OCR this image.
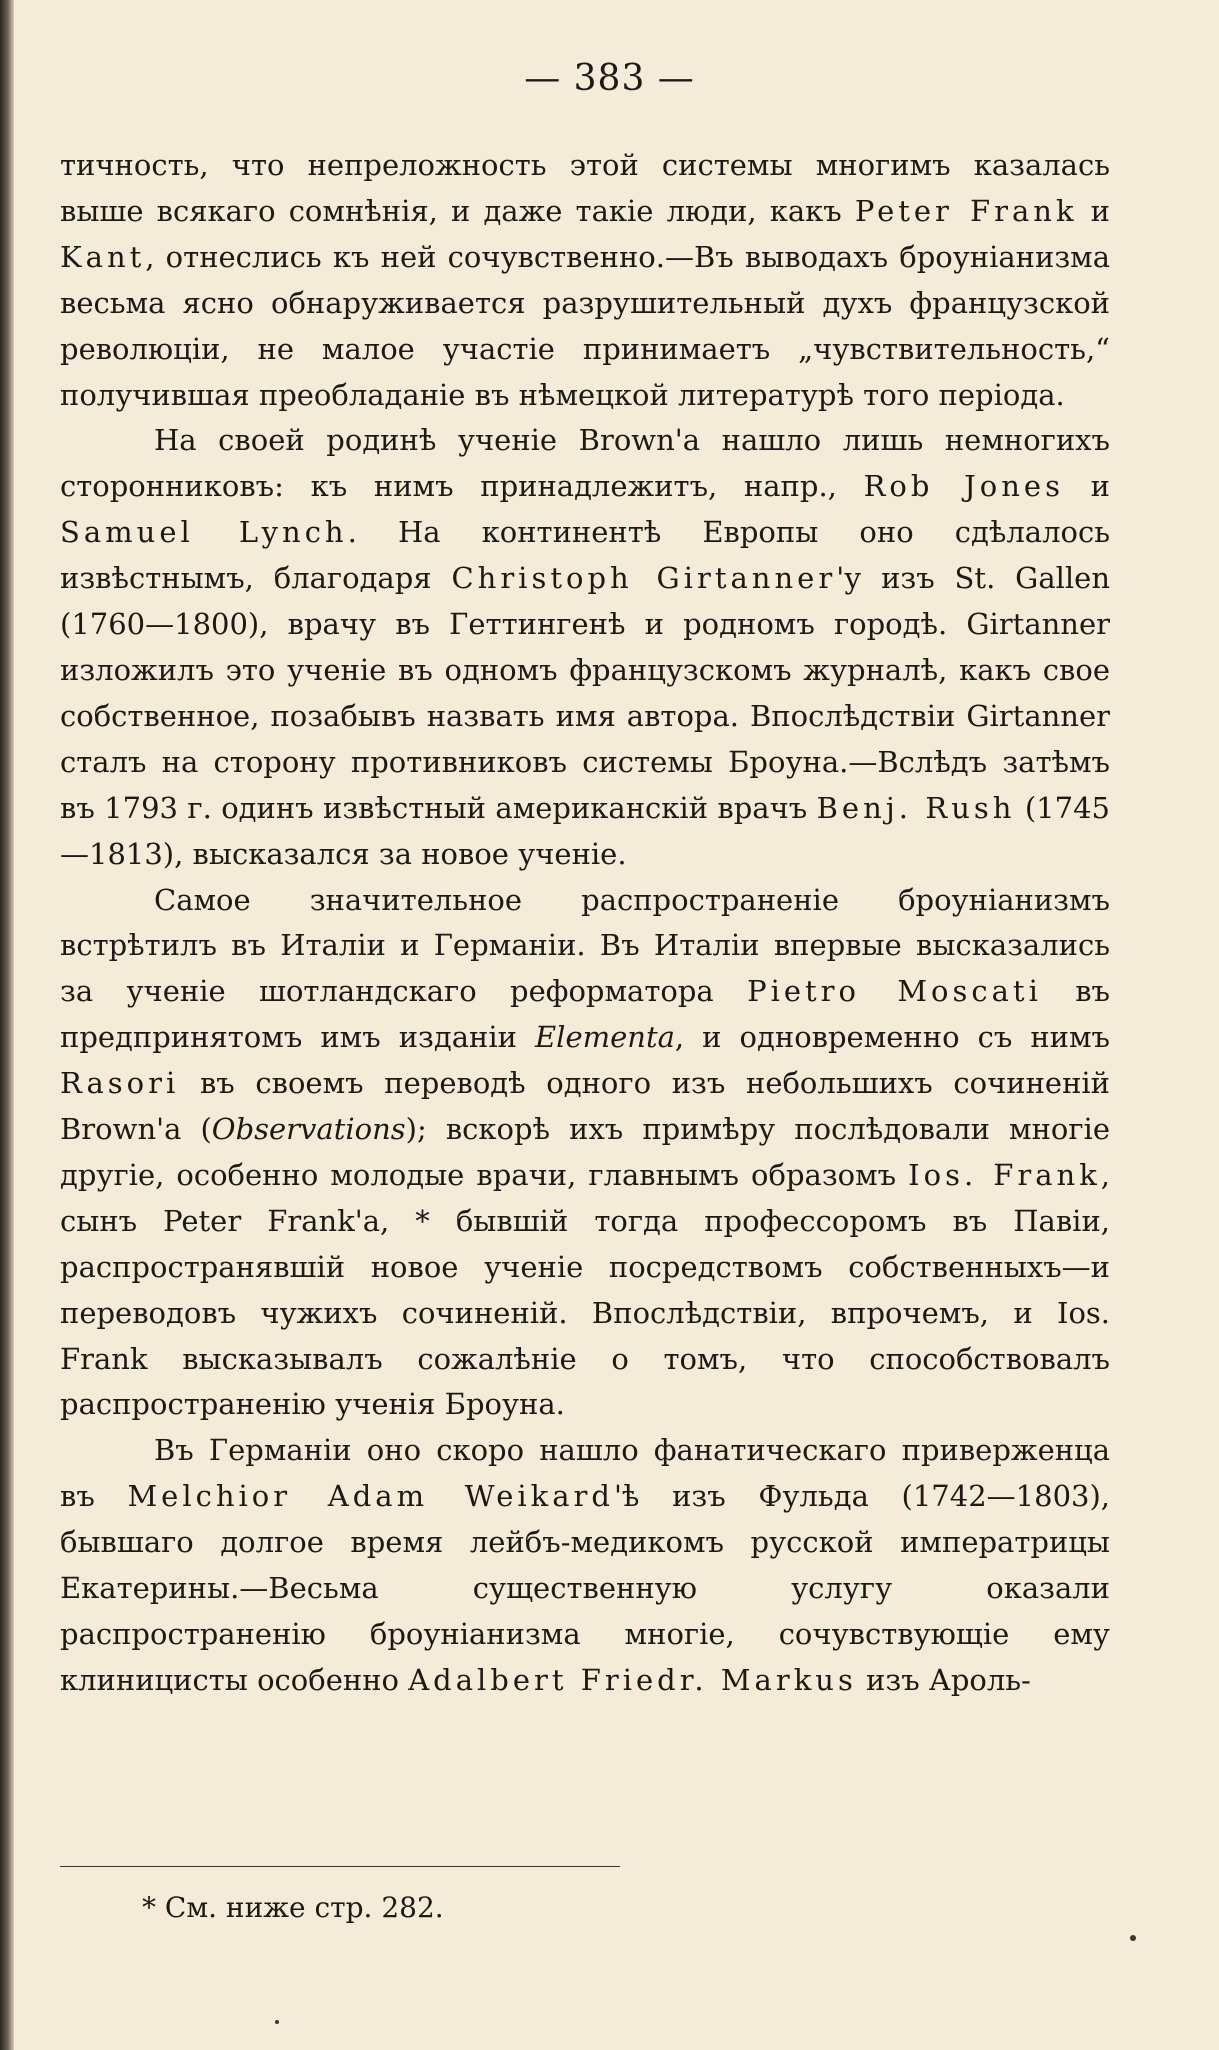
— 383 —

тичность, что непреложность этой системы многимъ казалась выше всякаго сомнѣнія, и даже такіе люди, какъ Peter Frank и Kant, отнеслись къ ней сочувственно.—Въ выводахъ броуніанизма весьма ясно обнаруживается разрушительный духъ французской революціи, не малое участіе принимаетъ „чувствительность,“ получившая преобладаніе въ нѣмецкой литературѣ того періода.

На своей родинѣ ученіе Brown'а нашло лишь немногихъ сторонниковъ: къ нимъ принадлежитъ, напр., Rob Jones и Samuel Lynch. На континентѣ Европы оно сдѣлалось извѣстнымъ, благодаря Christoph Girtanner'у изъ St. Gallen (1760—1800), врачу въ Геттингенѣ и родномъ городѣ. Girtanner изложилъ это ученіе въ одномъ французскомъ журналѣ, какъ свое собственное, позабывъ назвать имя автора. Впослѣдствіи Girtanner сталъ на сторону противниковъ системы Броуна.—Вслѣдъ затѣмъ въ 1793 г. одинъ извѣстный американскій врачъ Benj. Rush (1745—1813), высказался за новое ученіе.

Самое значительное распространеніе броуніанизмъ встрѣтилъ въ Италіи и Германіи. Въ Италіи впервые высказались за ученіе шотландскаго реформатора Pietro Moscati въ предпринятомъ имъ изданіи Elementa, и одновременно съ нимъ Rasori въ своемъ переводѣ одного изъ небольшихъ сочиненій Brown'а (Observations); вскорѣ ихъ примѣру послѣдовали многіе другіе, особенно молодые врачи, главнымъ образомъ Ios. Frank, сынъ Peter Frank'а, * бывшій тогда профессоромъ въ Павіи, распространявшій новое ученіе посредствомъ собственныхъ—и переводовъ чужихъ сочиненій. Впослѣдствіи, впрочемъ, и Ios. Frank высказывалъ сожалѣніе о томъ, что способствовалъ распространенію ученія Броуна.

Въ Германіи оно скоро нашло фанатическаго приверженца въ Melchior Adam Weikard'ѣ изъ Фульда (1742—1803), бывшаго долгое время лейбъ-медикомъ русской императрицы Екатерины.—Весьма существенную услугу оказали распространенію броуніанизма многіе, сочувствующіе ему клиницисты особенно Adalbert Friedr. Markus изъ Ароль-

* См. ниже стр. 282.
